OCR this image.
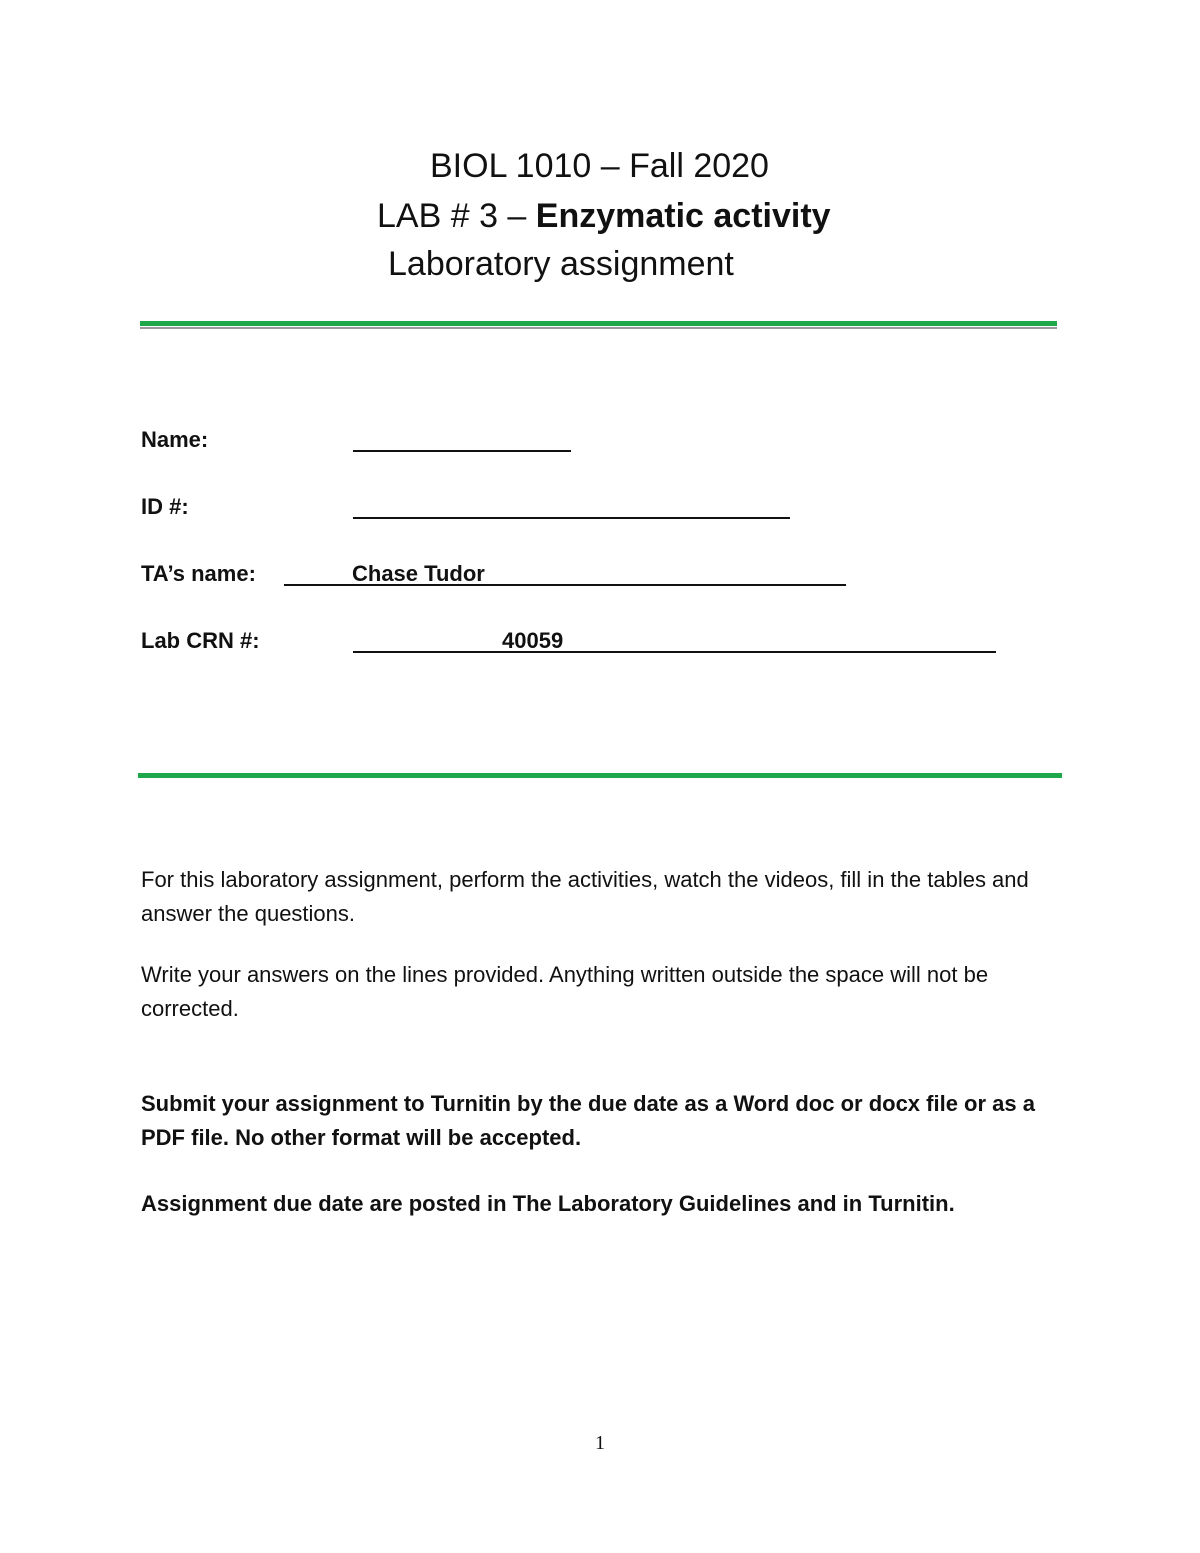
BIOL 1010 – Fall 2020
LAB # 3 – Enzymatic activity
Laboratory assignment
Name:
ID #:
TA’s name:	Chase Tudor
Lab CRN #:	40059
For this laboratory assignment, perform the activities, watch the videos, fill in the tables and answer the questions.
Write your answers on the lines provided. Anything written outside the space will not be corrected.
Submit your assignment to Turnitin by the due date as a Word doc or docx file or as a PDF file. No other format will be accepted.
Assignment due date are posted in The Laboratory Guidelines and in Turnitin.
1
